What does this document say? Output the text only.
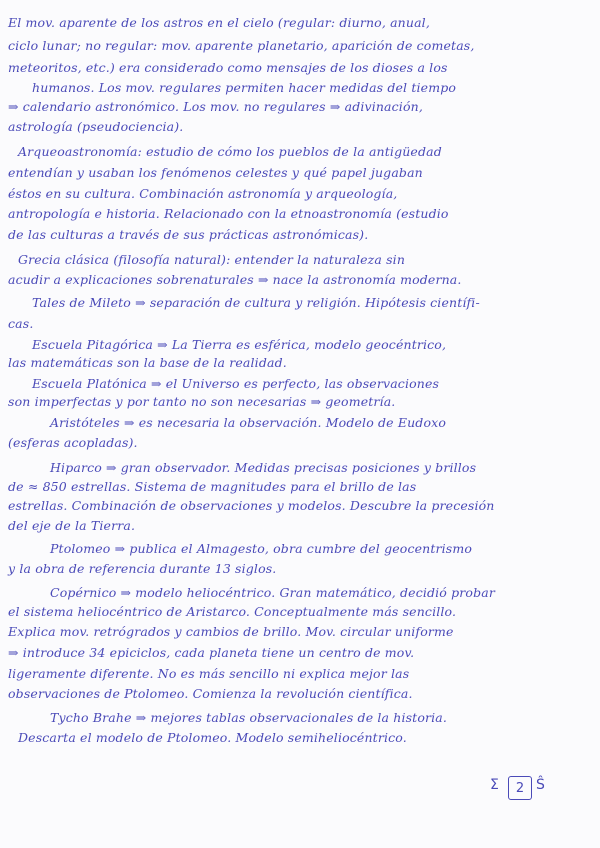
El mov. aparente de los astros en el cielo (regular: diurno, anual,
ciclo lunar; no regular: mov. aparente planetario, aparición de cometas,
meteoritos, etc.) era considerado como mensajes de los dioses a los
humanos. Los mov. regulares permiten hacer medidas del tiempo
⇒ calendario astronómico. Los mov. no regulares ⇒ adivinación,
astrología (pseudociencia).
Arqueoastronomía: estudio de cómo los pueblos de la antigüedad
entendían y usaban los fenómenos celestes y qué papel jugaban
éstos en su cultura. Combinación astronomía y arqueología,
antropología e historia. Relacionado con la etnoastronomía (estudio
de las culturas a través de sus prácticas astronómicas).
Grecia clásica (filosofía natural): entender la naturaleza sin
acudir a explicaciones sobrenaturales ⇒ nace la astronomía moderna.
Tales de Mileto ⇒ separación de cultura y religión. Hipótesis científi-
cas.
Escuela Pitagórica ⇒ La Tierra es esférica, modelo geocéntrico,
las matemáticas son la base de la realidad.
Escuela Platónica ⇒ el Universo es perfecto, las observaciones
son imperfectas y por tanto no son necesarias ⇒ geometría.
Aristóteles ⇒ es necesaria la observación. Modelo de Eudoxo
(esferas acopladas).
Hiparco ⇒ gran observador. Medidas precisas posiciones y brillos
de ≈ 850 estrellas. Sistema de magnitudes para el brillo de las
estrellas. Combinación de observaciones y modelos. Descubre la precesión
del eje de la Tierra.
Ptolomeo ⇒ publica el Almagesto, obra cumbre del geocentrismo
y la obra de referencia durante 13 siglos.
Copérnico ⇒ modelo heliocéntrico. Gran matemático, decidió probar
el sistema heliocéntrico de Aristarco. Conceptualmente más sencillo.
Explica mov. retrógrados y cambios de brillo. Mov. circular uniforme
⇒ introduce 34 epiciclos, cada planeta tiene un centro de mov.
ligeramente diferente. No es más sencillo ni explica mejor las
observaciones de Ptolomeo. Comienza la revolución científica.
Tycho Brahe ⇒ mejores tablas observacionales de la historia.
Descarta el modelo de Ptolomeo. Modelo semiheliocéntrico.
Σ 2 Ŝ
